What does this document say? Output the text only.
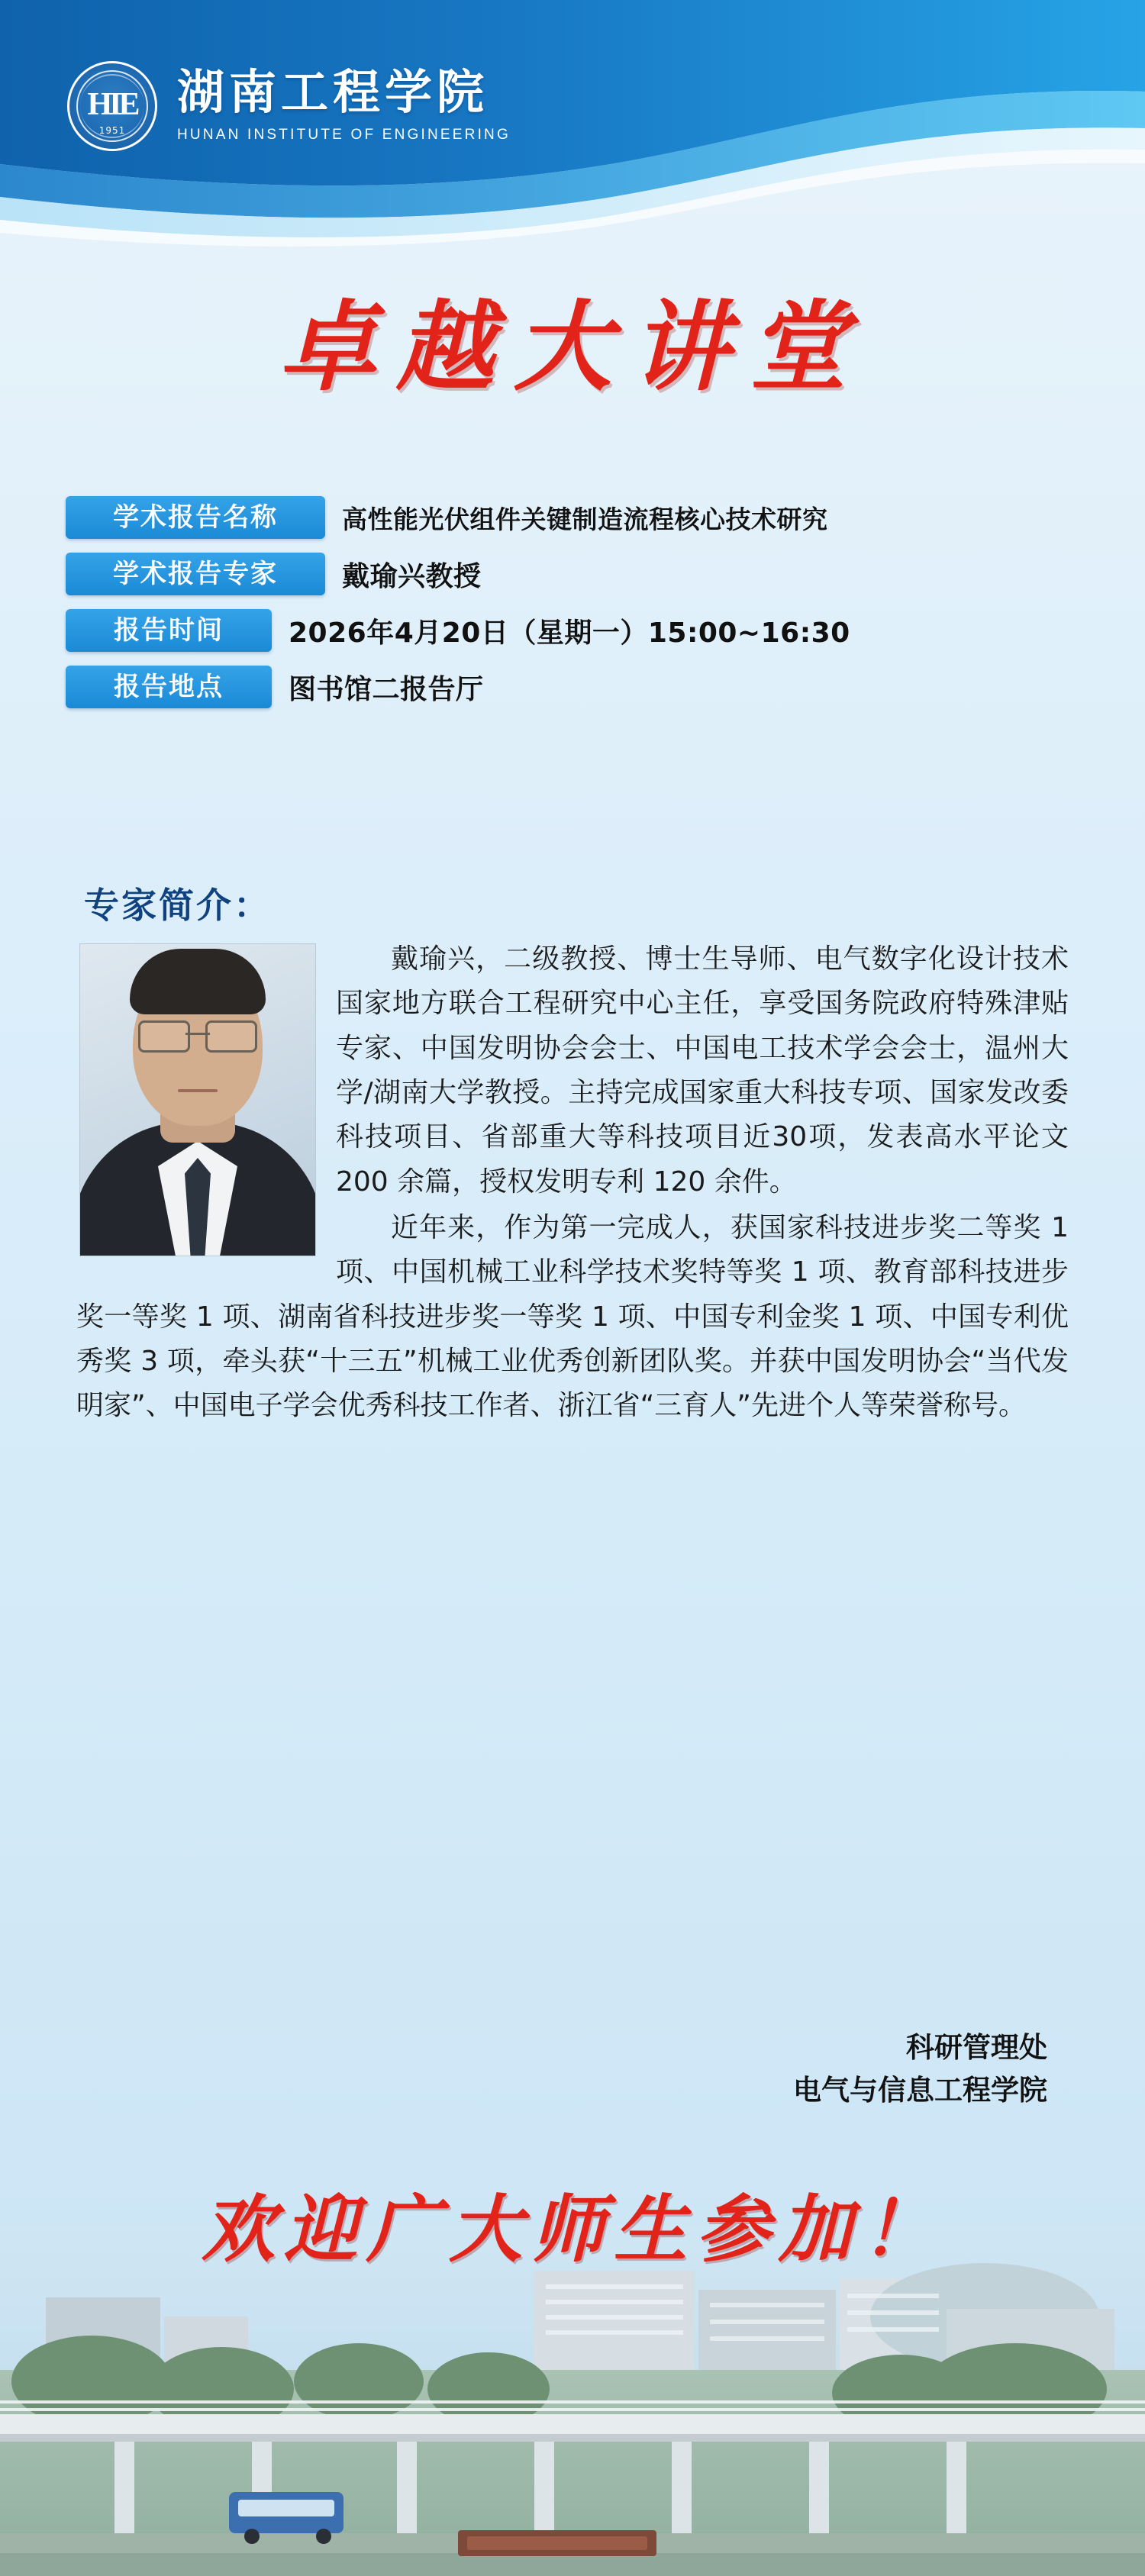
HIE
1951
湖南工程学院
HUNAN INSTITUTE OF ENGINEERING
卓越大讲堂
学术报告名称	高性能光伏组件关键制造流程核心技术研究
学术报告专家	戴瑜兴教授
报告时间	2026年4月20日（星期一）15:00~16:30
报告地点	图书馆二报告厅
专家简介：

戴瑜兴，二级教授、博士生导师、电气数字化设计技术国家地方联合工程研究中心主任，享受国务院政府特殊津贴专家、中国发明协会会士、中国电工技术学会会士，温州大学/湖南大学教授。主持完成国家重大科技专项、国家发改委科技项目、省部重大等科技项目近30项，发表高水平论文 200 余篇，授权发明专利 120 余件。

近年来，作为第一完成人，获国家科技进步奖二等奖 1 项、中国机械工业科学技术奖特等奖 1 项、教育部科技进步奖一等奖 1 项、湖南省科技进步奖一等奖 1 项、中国专利金奖 1 项、中国专利优秀奖 3 项，牵头获“十三五”机械工业优秀创新团队奖。并获中国发明协会“当代发明家”、中国电子学会优秀科技工作者、浙江省“三育人”先进个人等荣誉称号。

科研管理处
电气与信息工程学院
欢迎广大师生参加！
